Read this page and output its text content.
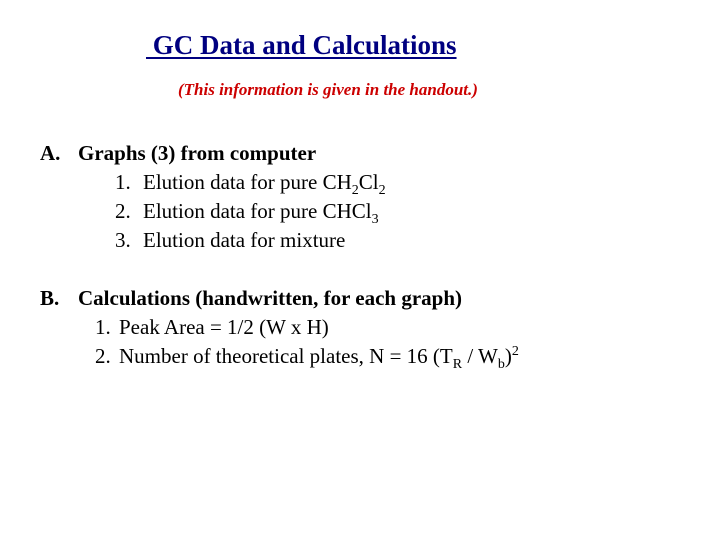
GC Data and Calculations
(This information is given in the handout.)
A. Graphs (3) from computer
1. Elution data for pure $CH_2Cl_2$
2. Elution data for pure CHCl$_3$
3. Elution data for mixture
B. Calculations (handwritten, for each graph)
1. Peak Area = 1/2 (W x H)
2. Number of theoretical plates, N = 16 $(T_R / W_b)^2$
